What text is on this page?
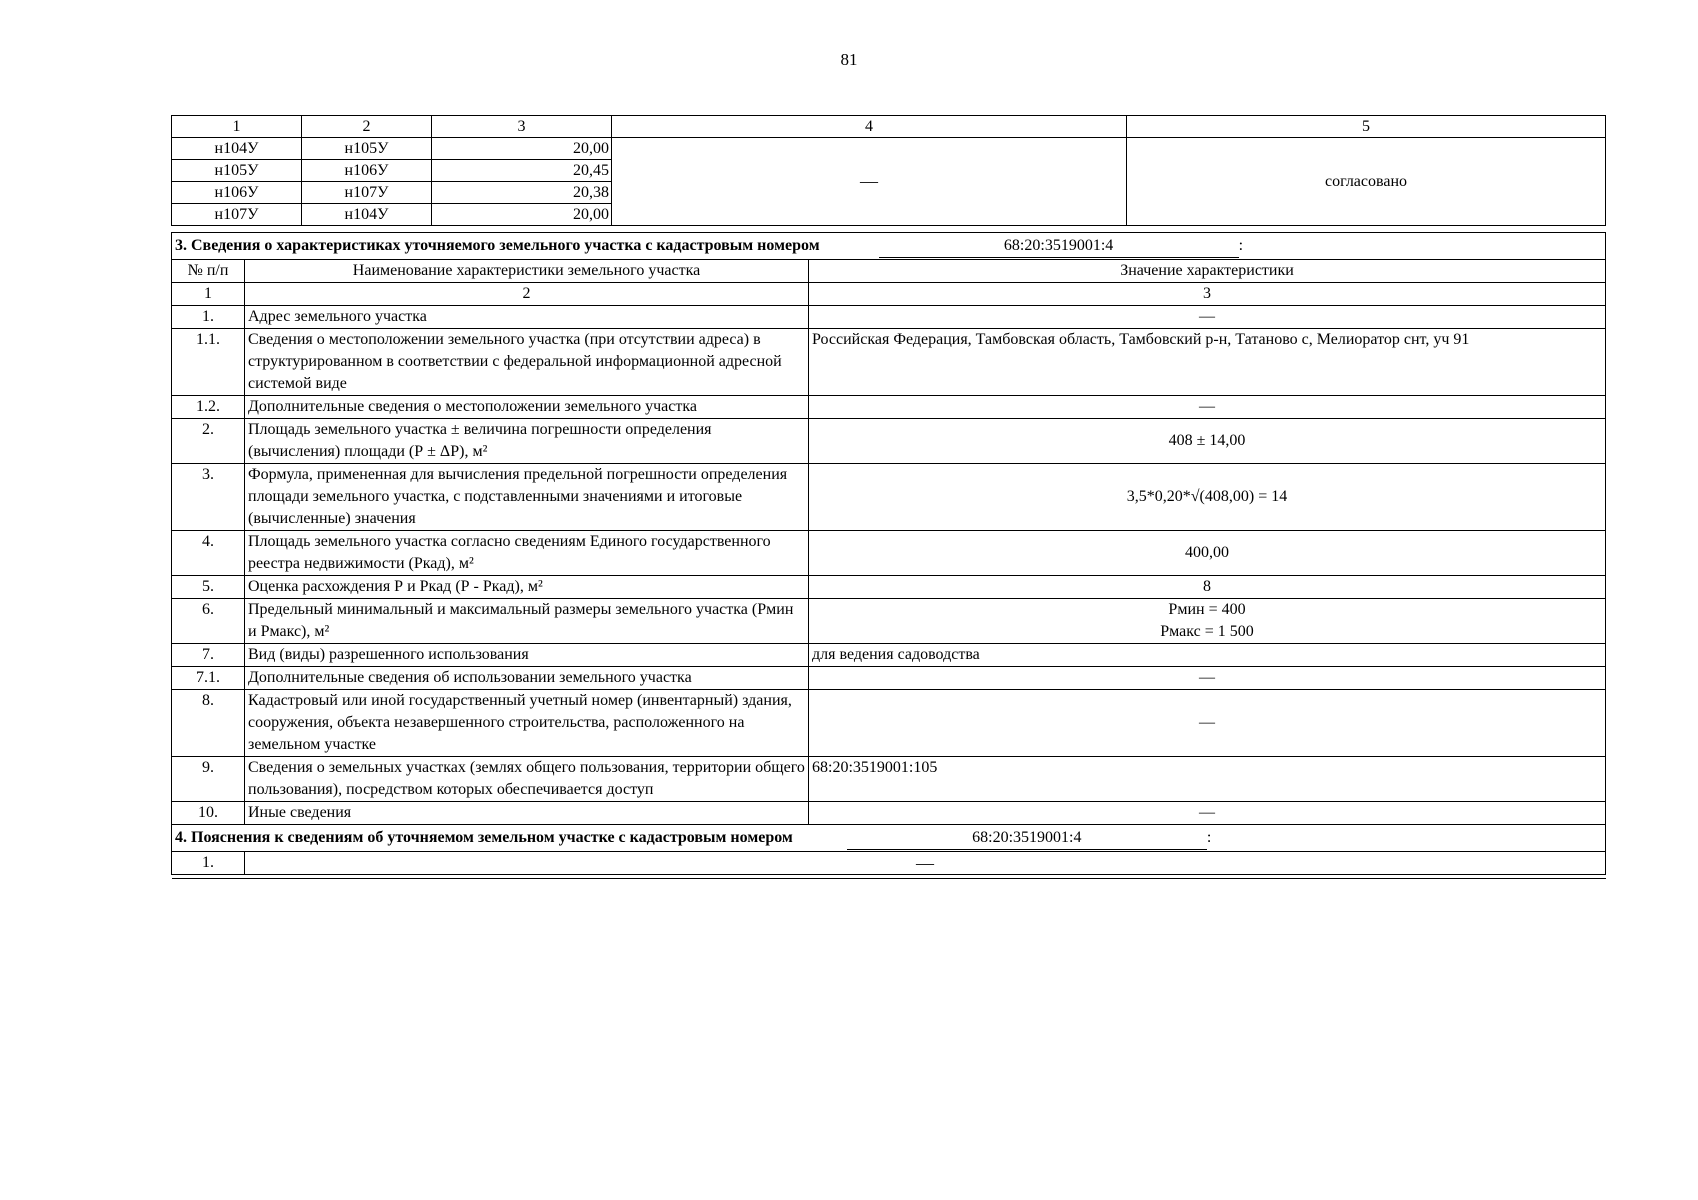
81
1	2	3	4	5
н104У	н105У	20,00	—	согласовано
н105У	н106У	20,45		
н106У	н107У	20,38		
н107У	н104У	20,00		
3. Сведения о характеристиках уточняемого земельного участка с кадастровым номером 68:20:3519001:4 :		
№ п/п	Наименование характеристики земельного участка	Значение характеристики
1	2	3
1.	Адрес земельного участка	—
1.1.	Сведения о местоположении земельного участка (при отсутствии адреса) в структурированном в соответствии с федеральной информационной адресной системой виде	Российская Федерация, Тамбовская область, Тамбовский р-н, Татаново с, Мелиоратор снт, уч 91
1.2.	Дополнительные сведения о местоположении земельного участка	—
2.	Площадь земельного участка ± величина погрешности определения (вычисления) площади (Р ± ΔР), м²	408 ± 14,00
3.	Формула, примененная для вычисления предельной погрешности определения площади земельного участка, с подставленными значениями и итоговые (вычисленные) значения	3,5*0,20*√(408,00) = 14
4.	Площадь земельного участка согласно сведениям Единого государственного реестра недвижимости (Ркад), м²	400,00
5.	Оценка расхождения Р и Ркад (Р - Ркад), м²	8
6.	Предельный минимальный и максимальный размеры земельного участка (Рмин и Рмакс), м²	Рмин = 400
Рмакс = 1 500

7.	Вид (виды) разрешенного использования	для ведения садоводства
7.1.	Дополнительные сведения об использовании земельного участка	—
8.	Кадастровый или иной государственный учетный номер (инвентарный) здания, сооружения, объекта незавершенного строительства, расположенного на земельном участке	—
9.	Сведения о земельных участках (землях общего пользования, территории общего пользования), посредством которых обеспечивается доступ	68:20:3519001:105
10.	Иные сведения	—
4. Пояснения к сведениям об уточняемом земельном участке с кадастровым номером 68:20:3519001:4 :		
1.	—	
